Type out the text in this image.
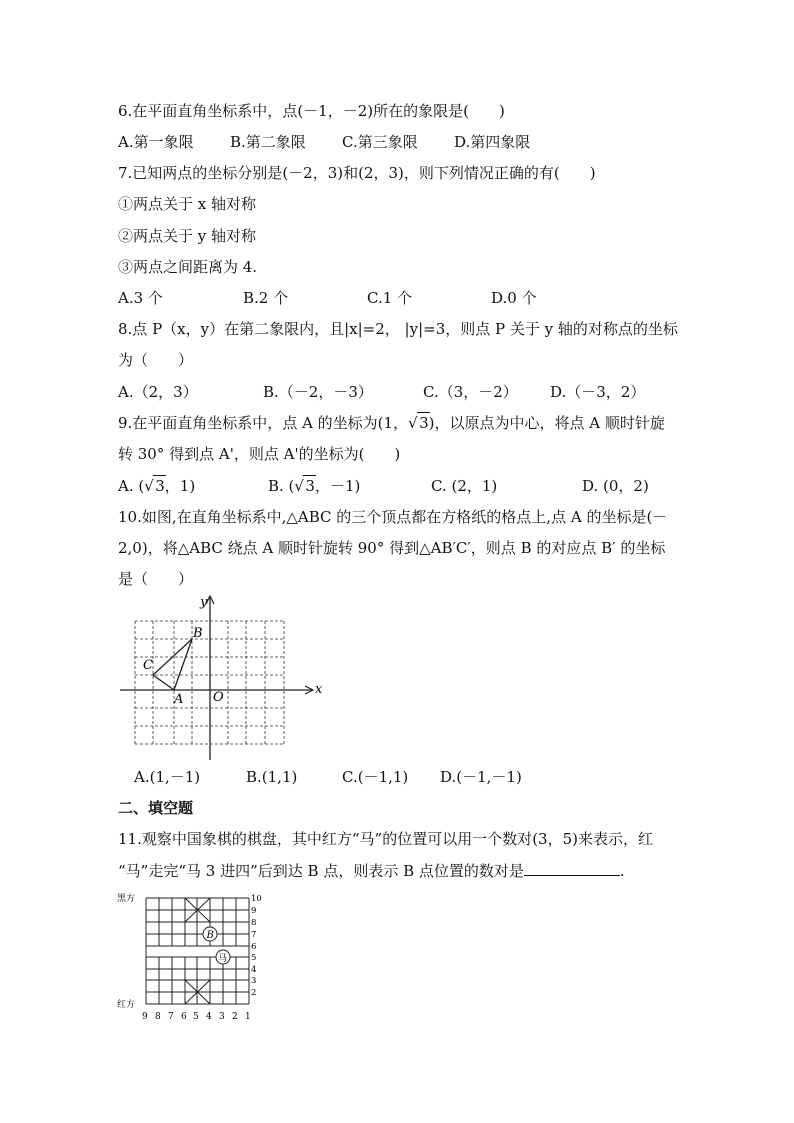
6.在平面直角坐标系中，点(－1，－2)所在的象限是(　　)
A.第一象限 B.第二象限 C.第三象限 D.第四象限
7.已知两点的坐标分别是(－2，3)和(2，3)，则下列情况正确的有(　　)
①两点关于 x 轴对称
②两点关于 y 轴对称
③两点之间距离为 4.
A.3 个	B.2 个	C.1 个	D.0 个
8.点 P（x，y）在第二象限内，且|x|=2， |y|=3，则点 P 关于 y 轴的对称点的坐标
为（　　）
A.（2，3）	B.（－2，－3）	C.（3，－2） D.（－3，2）
9.在平面直角坐标系中，点 A 的坐标为(1， √ 3)，以原点为中心，将点 A 顺时针旋
转 30° 得到点 A'，则点 A'的坐标为(　　)
A. ( √ 3，1)	B. ( √ 3，－1)	C. (2，1)	D. (0，2)
10.如图,在直角坐标系中,△ABC 的三个顶点都在方格纸的格点上,点 A 的坐标是(－
2,0)，将△ABC 绕点 A 顺时针旋转 90° 得到△AB′C′，则点 B 的对应点 B′ 的坐标
是（　　）
x
y
O
A
B
C
A.(1,－1)	B.(1,1)	C.(－1,1) D.(－1,－1)
二、填空题
11.观察中国象棋的棋盘，其中红方“马”的位置可以用一个数对(3，5)来表示，红
“马”走完“马 3 进四”后到达 B 点，则表示 B 点位置的数对是	.
黑方
红方
10
9
8
7
6
5
4
3
2
9 8 7 6 5 4 3 2 1
B
马
